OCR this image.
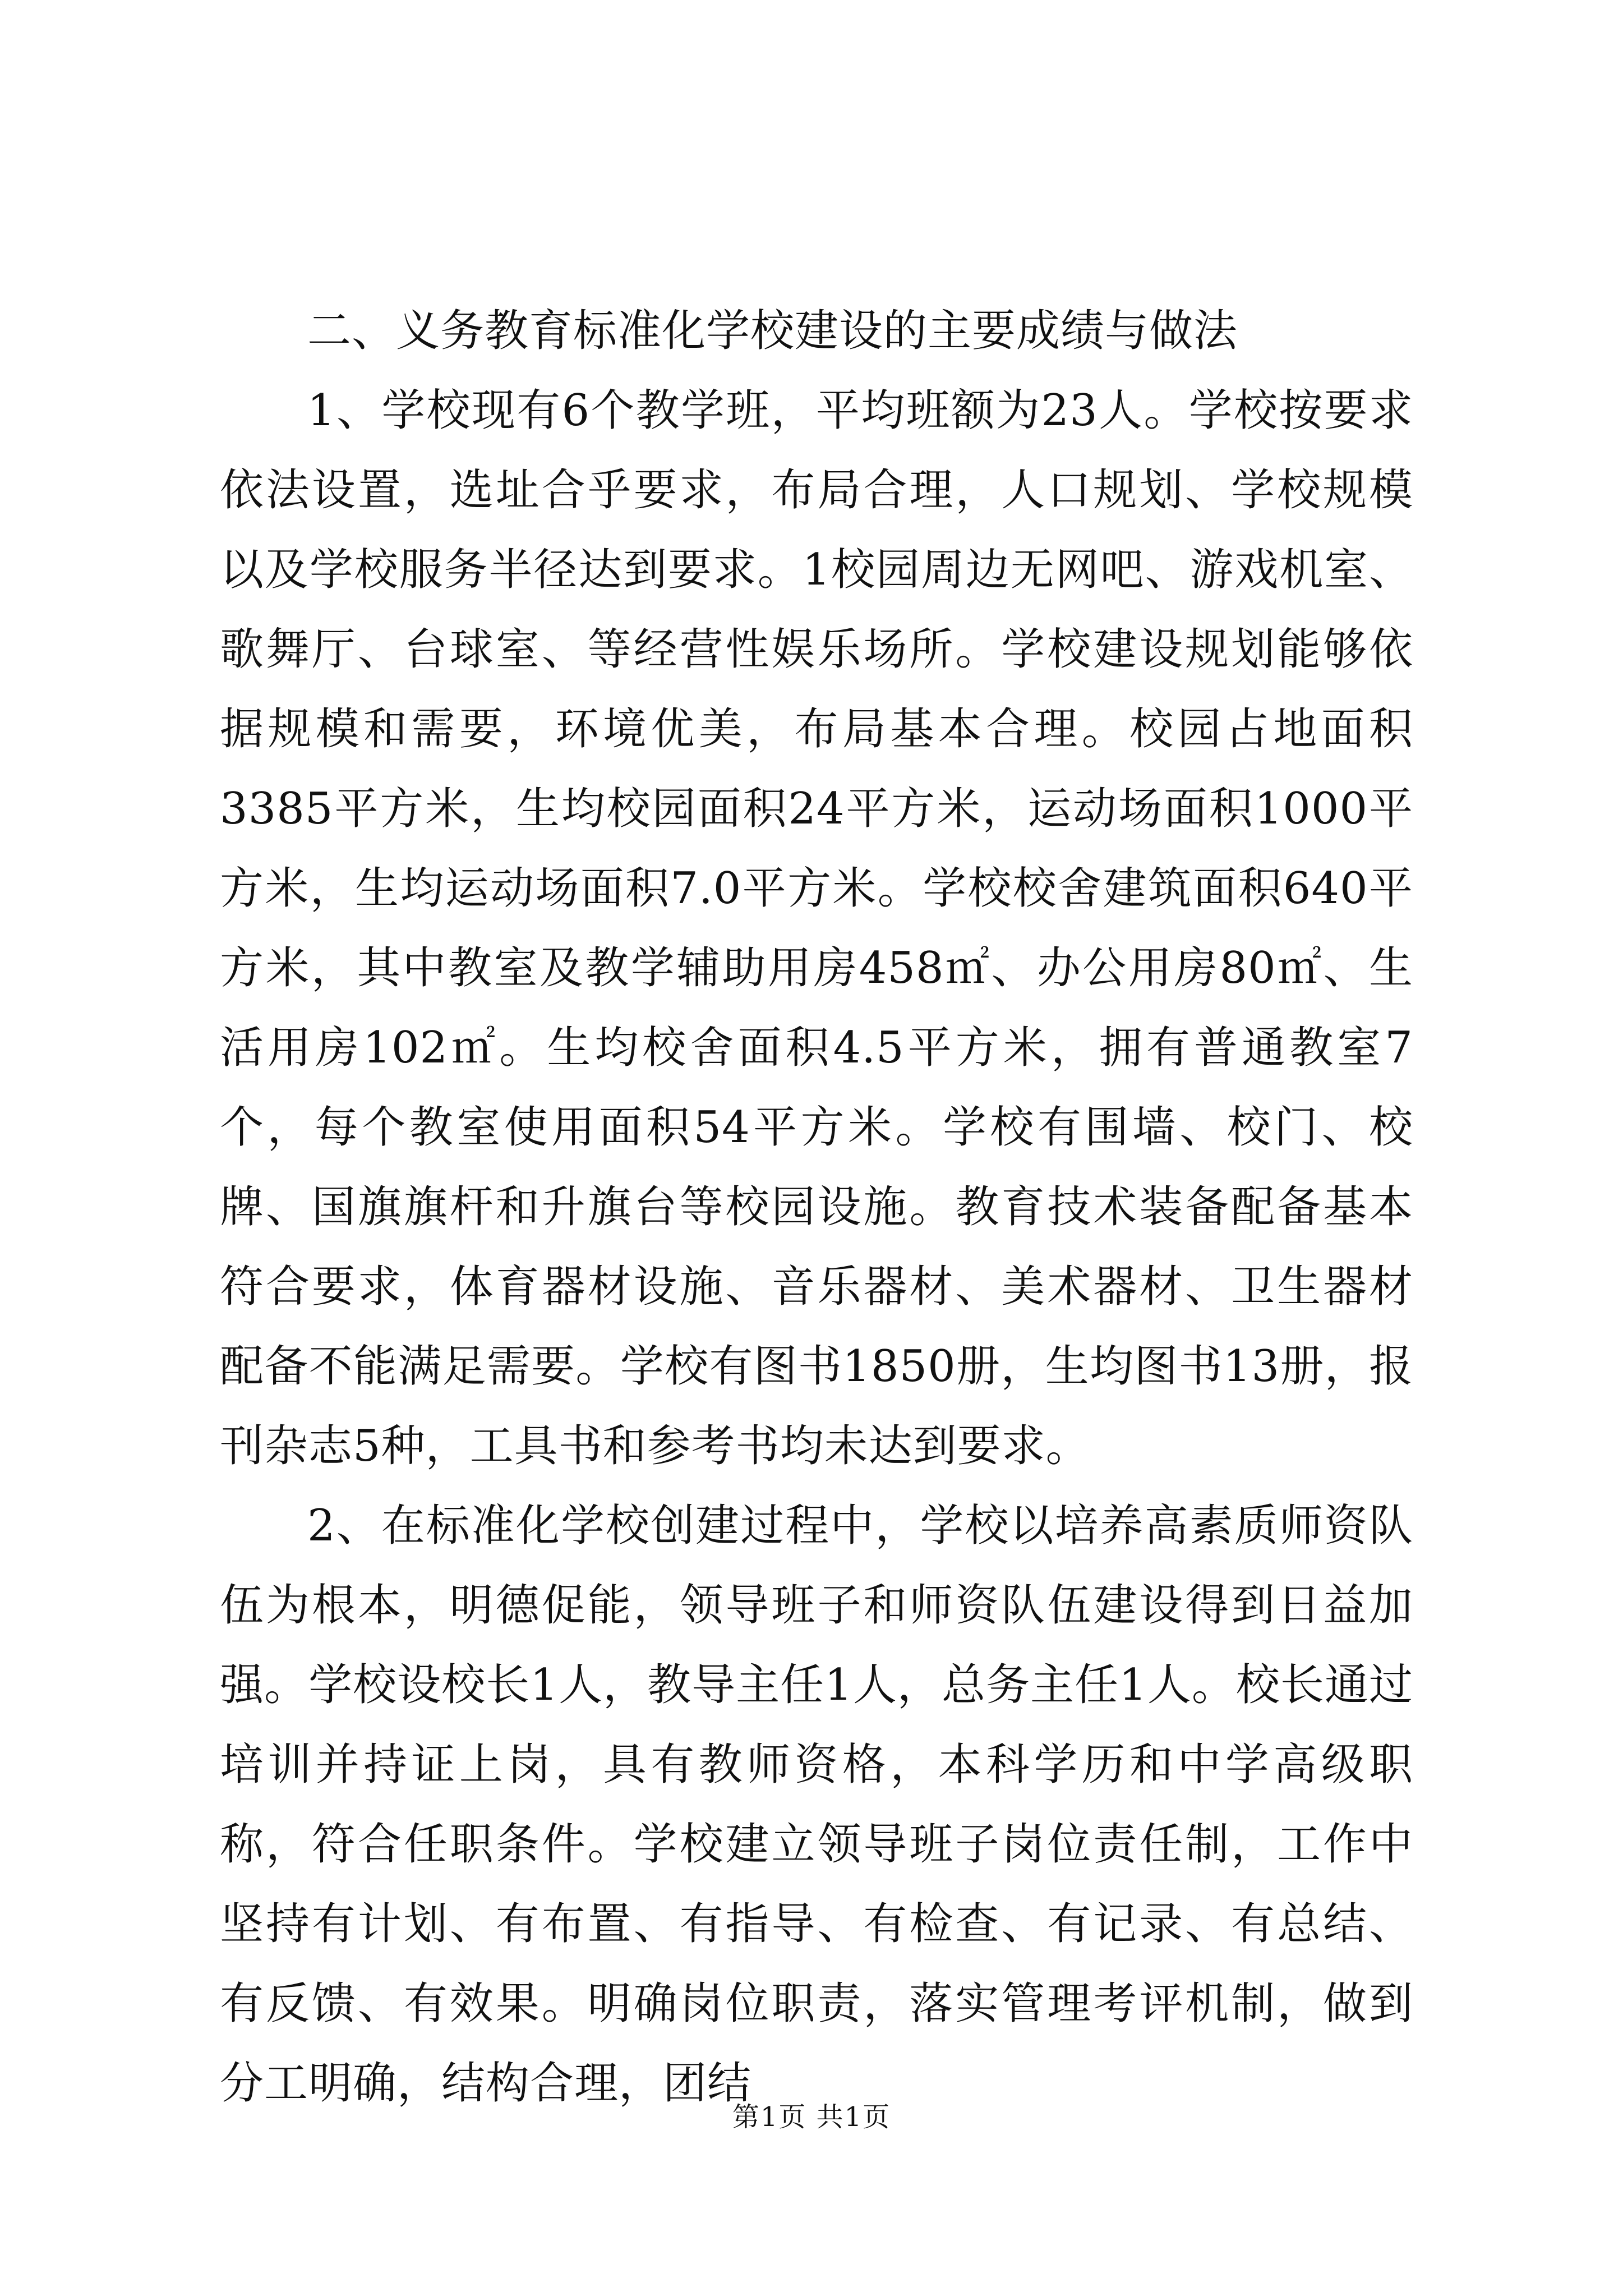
二、义务教育标准化学校建设的主要成绩与做法

1、学校现有6个教学班，平均班额为23人。学校按要求依法设置，选址合乎要求，布局合理，人口规划、学校规模以及学校服务半径达到要求。1校园周边无网吧、游戏机室、歌舞厅、台球室、等经营性娱乐场所。学校建设规划能够依据规模和需要，环境优美，布局基本合理。校园占地面积3385平方米，生均校园面积24平方米，运动场面积1000平方米，生均运动场面积7.0平方米。学校校舍建筑面积640平方米，其中教室及教学辅助用房458㎡、办公用房80㎡、生活用房102㎡。生均校舍面积4.5平方米，拥有普通教室7个，每个教室使用面积54平方米。学校有围墙、校门、校牌、国旗旗杆和升旗台等校园设施。教育技术装备配备基本符合要求，体育器材设施、音乐器材、美术器材、卫生器材配备不能满足需要。学校有图书1850册，生均图书13册，报刊杂志5种，工具书和参考书均未达到要求。

2、在标准化学校创建过程中，学校以培养高素质师资队伍为根本，明德促能，领导班子和师资队伍建设得到日益加强。学校设校长1人，教导主任1人，总务主任1人。校长通过培训并持证上岗，具有教师资格，本科学历和中学高级职称，符合任职条件。学校建立领导班子岗位责任制，工作中坚持有计划、有布置、有指导、有检查、有记录、有总结、有反馈、有效果。明确岗位职责，落实管理考评机制，做到分工明确，结构合理，团结

第1页 共1页
